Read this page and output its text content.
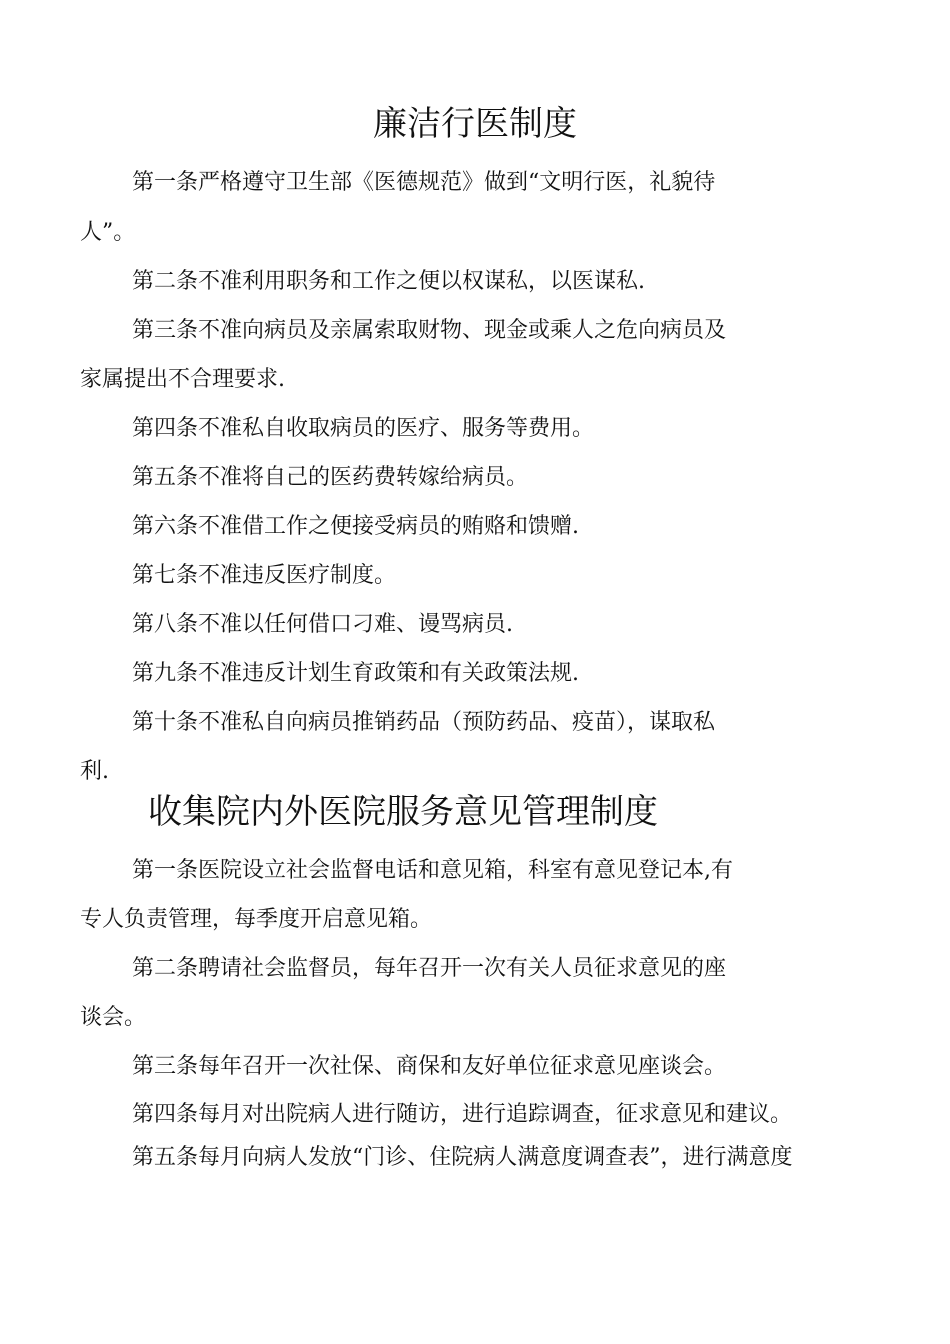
廉洁行医制度
第一条严格遵守卫生部《医德规范》做到“文明行医，礼貌待
人”。
第二条不准利用职务和工作之便以权谋私，以医谋私.
第三条不准向病员及亲属索取财物、现金或乘人之危向病员及
家属提出不合理要求.
第四条不准私自收取病员的医疗、服务等费用。
第五条不准将自己的医药费转嫁给病员。
第六条不准借工作之便接受病员的贿赂和馈赠.
第七条不准违反医疗制度。
第八条不准以任何借口刁难、谩骂病员.
第九条不准违反计划生育政策和有关政策法规.
第十条不准私自向病员推销药品（预防药品、疫苗），谋取私
利.
收集院内外医院服务意见管理制度
第一条医院设立社会监督电话和意见箱，科室有意见登记本,有
专人负责管理，每季度开启意见箱。
第二条聘请社会监督员，每年召开一次有关人员征求意见的座
谈会。
第三条每年召开一次社保、商保和友好单位征求意见座谈会。
第四条每月对出院病人进行随访，进行追踪调查，征求意见和建议。
第五条每月向病人发放“门诊、住院病人满意度调查表”，进行满意度
